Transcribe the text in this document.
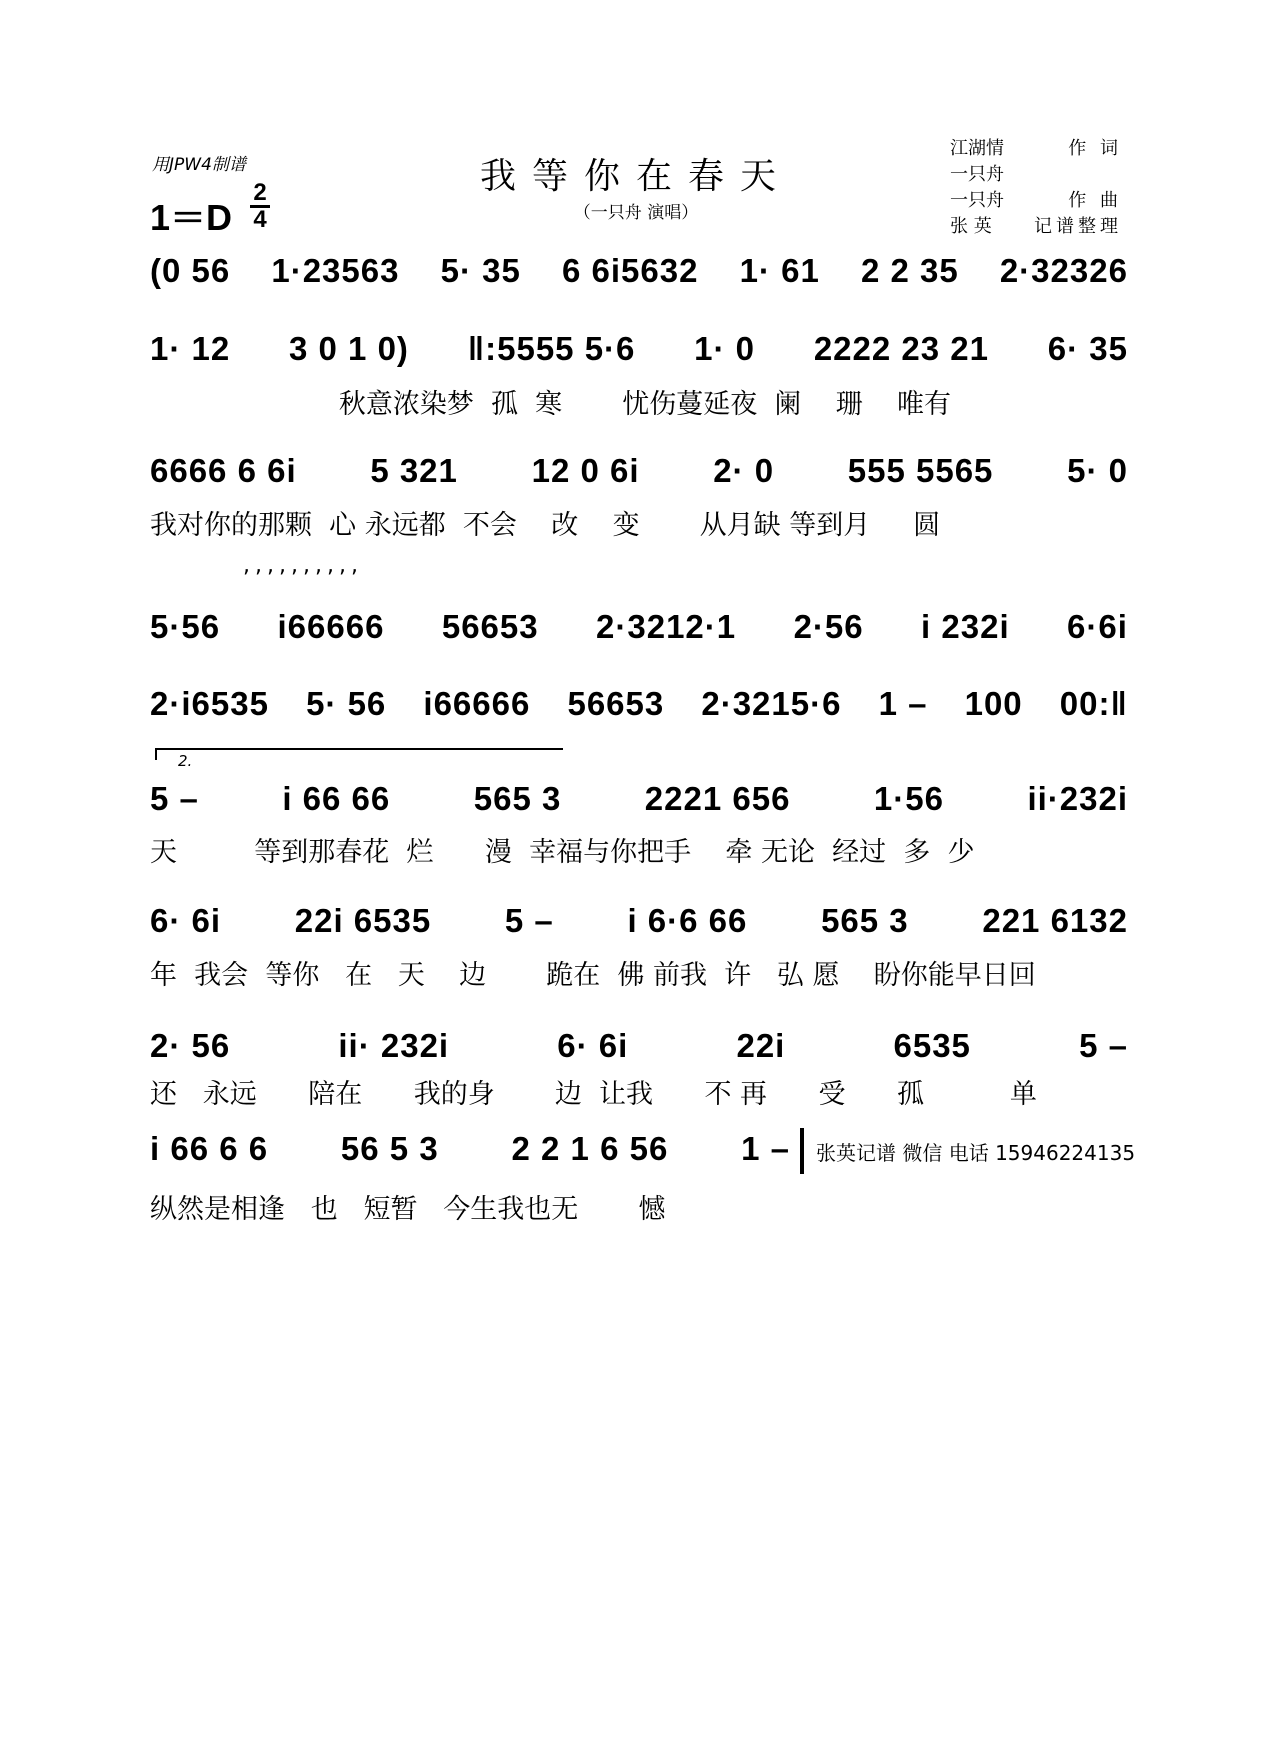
用JPW4制谱	我等你在春天
（一只舟 演唱）
1＝D
2
4
江湖情	作 词
一只舟
一只舟	作 曲
张 英	记谱整理
(0 56 1·23563 5· 35 6 6i5632 1· 61 2 2 35 2·32326
1· 12 3 0 1 0) ‖:5555 5·6 1· 0 2222 23 21 6· 35
秋意浓染梦  孤  寒       忧伤蔓延夜  阑    珊    唯有
6666 6 6i 5 321 12 0 6i 2· 0 555 5565 5· 0
我对你的那颗  心 永远都  不会    改    变       从月缺 等到月     圆
,,,,,,,,,,
5·56 i66666 56653 2·3212·1 2·56 i 232i 6·6i
2·i6535 5· 56 i66666 56653 2·3215·6 1 – 100 00:‖
2.
5 –	i 66 66	565 3	2221 656	1·56	ii·232i
天         等到那春花  烂      漫  幸福与你把手    牵 无论  经过  多  少
6· 6i 22i 6535 5 – i 6·6 66 565 3 221 6132
年  我会  等你   在   天    边       跪在  佛 前我  许   弘 愿    盼你能早日回
2· 56	ii· 232i	6· 6i	22i	6535	5 –
还   永远      陪在      我的身       边  让我      不 再      受      孤          单
i 66 6 6 56 5 3 2 2 1 6 56 1 – 张英记谱 微信 电话 15946224135
纵然是相逢   也   短暂   今生我也无       憾
